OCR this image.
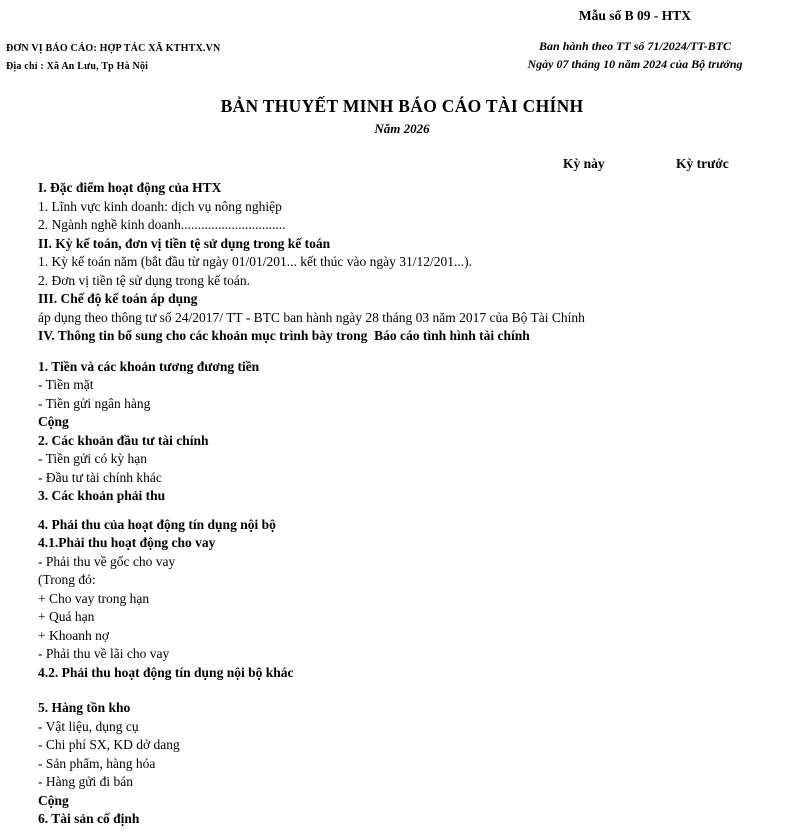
ĐƠN VỊ BÁO CÁO: HỢP TÁC XÃ KTHTX.VN
Địa chỉ : Xã An Lưu, Tp Hà Nội
Mẫu số B 09 - HTX
Ban hành theo TT số 71/2024/TT-BTC
Ngày 07 tháng 10 năm 2024 của Bộ trưởng
BẢN THUYẾT MINH BÁO CÁO TÀI CHÍNH
Năm 2026
Kỳ này	Kỳ trước
I. Đặc điểm hoạt động của HTX
1. Lĩnh vực kinh doanh: dịch vụ nông nghiệp
2. Ngành nghề kinh doanh...............................
II. Kỳ kế toán, đơn vị tiền tệ sử dụng trong kế toán
1. Kỳ kế toán năm (bắt đầu từ ngày 01/01/201... kết thúc vào ngày 31/12/201...).
2. Đơn vị tiền tệ sử dụng trong kế toán.
III. Chế độ kế toán áp dụng
áp dụng theo thông tư số 24/2017/ TT - BTC ban hành ngày 28 tháng 03 năm 2017 của Bộ Tài Chính
IV. Thông tin bổ sung cho các khoản mục trình bày trong  Báo cáo tình hình tài chính
1. Tiền và các khoản tương đương tiền
- Tiền mặt
- Tiền gửi ngân hàng
Cộng
2. Các khoản đầu tư tài chính
- Tiền gửi có kỳ hạn
- Đầu tư tài chính khác
3. Các khoản phải thu
4. Phải thu của hoạt động tín dụng nội bộ
4.1.Phải thu hoạt động cho vay
- Phải thu về gốc cho vay
(Trong đó:
+ Cho vay trong hạn
+ Quá hạn
+ Khoanh nợ
- Phải thu về lãi cho vay
4.2. Phải thu hoạt động tín dụng nội bộ khác
5. Hàng tồn kho
- Vật liệu, dụng cụ
- Chi phí SX, KD dở dang
- Sản phẩm, hàng hóa
- Hàng gửi đi bán
Cộng
6. Tài sản cố định
